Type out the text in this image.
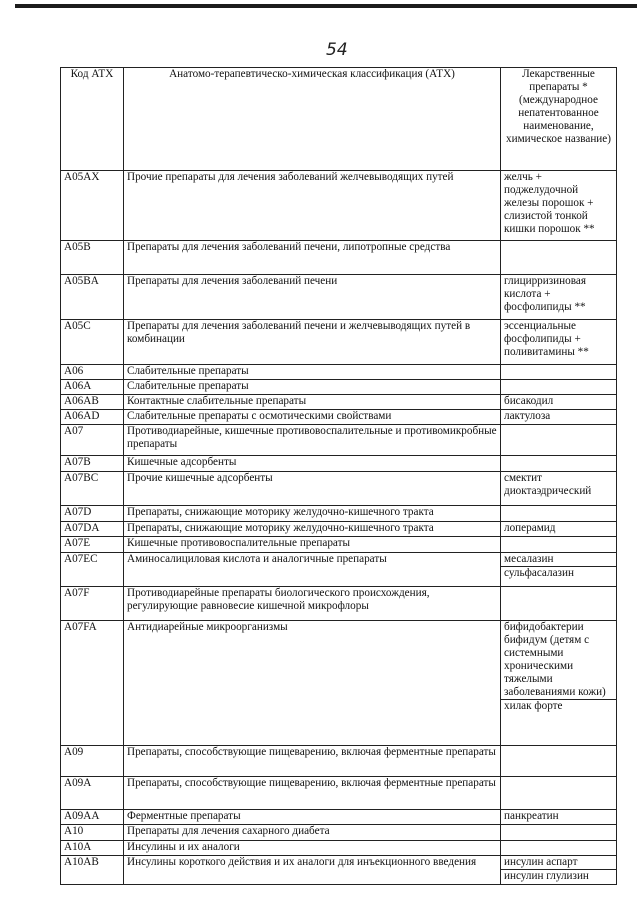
54
Код АТХ	Анатомо-терапевтическо-химическая классификация (АТХ)	Лекарственные препараты * (международное непатентованное наименование, химическое название)
A05AX	Прочие препараты для лечения заболеваний желчевыводящих путей	желчь + поджелудочной железы порошок + слизистой тонкой кишки порошок **

A05B	Препараты для лечения заболеваний печени, липотропные средства	
A05BA	Препараты для лечения заболеваний печени	глицирризиновая кислота + фосфолипиды **

A05C	Препараты для лечения заболеваний печени и желчевыводящих путей в комбинации	эссенциальные фосфолипиды + поливитамины **

A06	Слабительные препараты	
A06A	Слабительные препараты	
A06AB	Контактные слабительные препараты	бисакодил

A06AD	Слабительные препараты с осмотическими свойствами	лактулоза

A07	Противодиарейные, кишечные противовоспалительные и противомикробные препараты	
A07B	Кишечные адсорбенты	
A07BC	Прочие кишечные адсорбенты	смектит диоктаэдрический

A07D	Препараты, снижающие моторику желудочно-кишечного тракта	
A07DA	Препараты, снижающие моторику желудочно-кишечного тракта	лоперамид

A07E	Кишечные противовоспалительные препараты	
A07EC	Аминосалициловая кислота и аналогичные препараты	месалазин
сульфасалазин

A07F	Противодиарейные препараты биологического происхождения, регулирующие равновесие кишечной микрофлоры	
A07FA	Антидиарейные микроорганизмы	бифидобактерии бифидум (детям с системными хроническими тяжелыми заболеваниями кожи)
хилак форте

A09	Препараты, способствующие пищеварению, включая ферментные препараты	
A09A	Препараты, способствующие пищеварению, включая ферментные препараты	
A09AA	Ферментные препараты	панкреатин

A10	Препараты для лечения сахарного диабета	
A10A	Инсулины и их аналоги	
A10AB	Инсулины короткого действия и их аналоги для инъекционного введения	инсулин аспарт
инсулин глулизин
